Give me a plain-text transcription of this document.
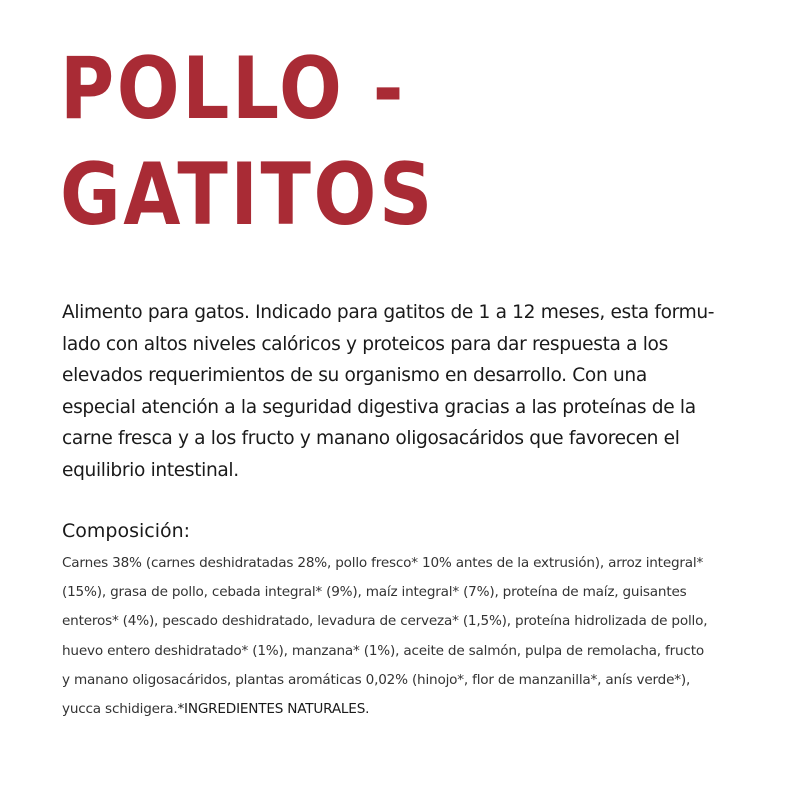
POLLO -
GATITOS

Alimento para gatos. Indicado para gatitos de 1 a 12 meses, esta formu-
lado con altos niveles calóricos y proteicos para dar respuesta a los
elevados requerimientos de su organismo en desarrollo. Con una
especial atención a la seguridad digestiva gracias a las proteínas de la
carne fresca y a los fructo y manano oligosacáridos que favorecen el
equilibrio intestinal.

Composición:

Carnes 38% (carnes deshidratadas 28%, pollo fresco* 10% antes de la extrusión), arroz integral*
(15%), grasa de pollo, cebada integral* (9%), maíz integral* (7%), proteína de maíz, guisantes
enteros* (4%), pescado deshidratado, levadura de cerveza* (1,5%), proteína hidrolizada de pollo,
huevo entero deshidratado* (1%), manzana* (1%), aceite de salmón, pulpa de remolacha, fructo
y manano oligosacáridos, plantas aromáticas 0,02% (hinojo*, flor de manzanilla*, anís verde*),
yucca schidigera.*INGREDIENTES NATURALES.
